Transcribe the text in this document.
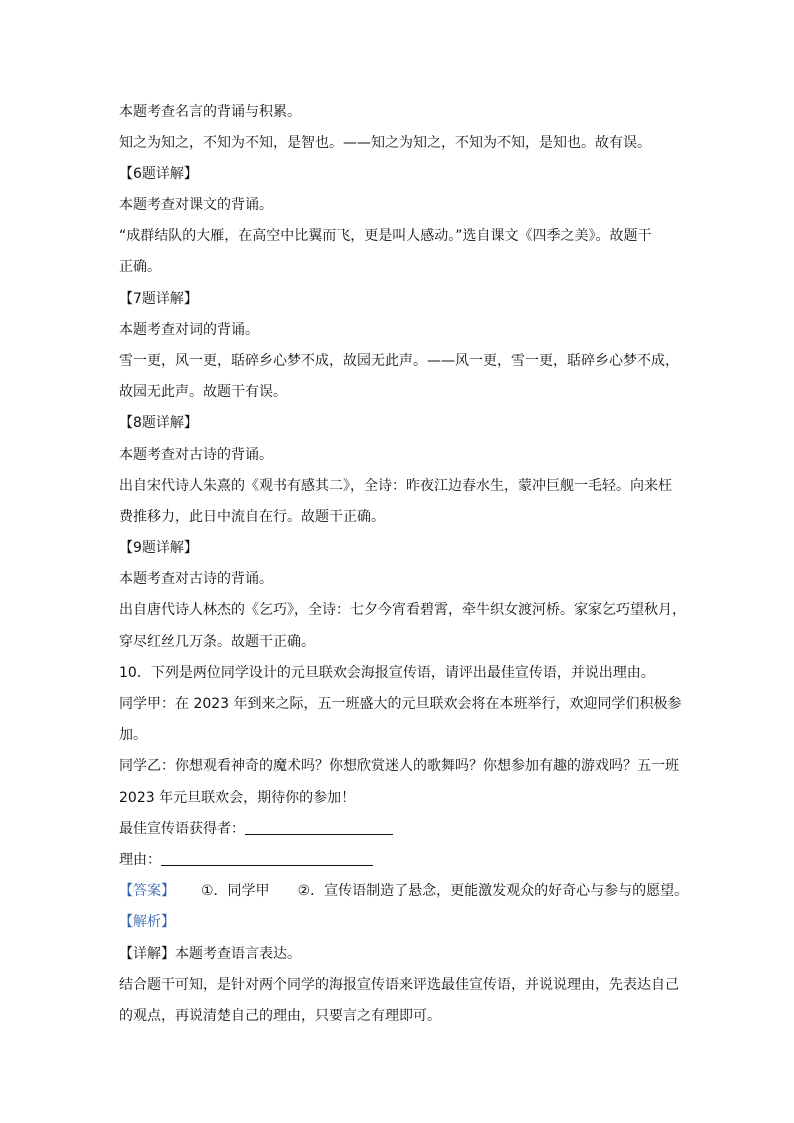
本题考查名言的背诵与积累。
知之为知之，不知为不知，是智也。——知之为知之，不知为不知，是知也。故有误。
【6题详解】
本题考查对课文的背诵。
“成群结队的大雁，在高空中比翼而飞，更是叫人感动。”选自课文《四季之美》。故题干
正确。
【7题详解】
本题考查对词的背诵。
雪一更，风一更，聒碎乡心梦不成，故园无此声。——风一更，雪一更，聒碎乡心梦不成，
故园无此声。故题干有误。
【8题详解】
本题考查对古诗的背诵。
出自宋代诗人朱熹的《观书有感其二》，全诗：昨夜江边春水生，蒙冲巨舰一毛轻。向来枉
费推移力，此日中流自在行。故题干正确。
【9题详解】
本题考查对古诗的背诵。
出自唐代诗人林杰的《乞巧》，全诗：七夕今宵看碧霄，牵牛织女渡河桥。家家乞巧望秋月，
穿尽红丝几万条。故题干正确。
10．下列是两位同学设计的元旦联欢会海报宣传语，请评出最佳宣传语，并说出理由。
同学甲：在 2023 年到来之际，五一班盛大的元旦联欢会将在本班举行，欢迎同学们积极参
加。
同学乙：你想观看神奇的魔术吗？你想欣赏迷人的歌舞吗？你想参加有趣的游戏吗？五一班
2023 年元旦联欢会，期待你的参加！
最佳宣传语获得者：
理由：
【答案】 ①．同学甲 ②．宣传语制造了悬念，更能激发观众的好奇心与参与的愿望。
【解析】
【详解】本题考查语言表达。
结合题干可知，是针对两个同学的海报宣传语来评选最佳宣传语，并说说理由，先表达自己
的观点，再说清楚自己的理由，只要言之有理即可。
